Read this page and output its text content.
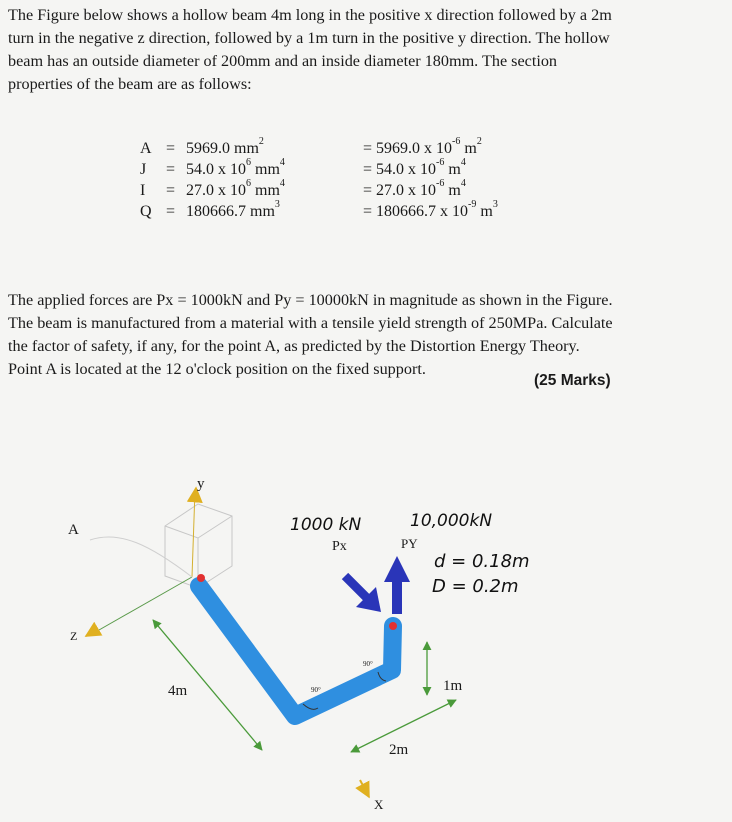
The Figure below shows a hollow beam 4m long in the positive x direction followed by a 2m
turn in the negative z direction, followed by a 1m turn in the positive y direction. The hollow
beam has an outside diameter of 200mm and an inside diameter 180mm. The section
properties of the beam are as follows:

A = 5969.0 $mm^2$	= 5969.0 x $10^{-6}$ $m^2$
J = 54.0 x $10^6$ $mm^4$	= 54.0 x $10^{-6}$ $m^4$
I = 27.0 x $10^6$ $mm^4$	= 27.0 x $10^{-6}$ $m^4$
Q = 180666.7 $mm^3$	= 180666.7 x $10^{-9}$ $m^3$

The applied forces are Px = 1000kN and Py = 10000kN in magnitude as shown in the Figure.
The beam is manufactured from a material with a tensile yield strength of 250MPa. Calculate
the factor of safety, if any, for the point A, as predicted by the Distortion Energy Theory.
Point A is located at the 12 o'clock position on the fixed support.

(25 Marks)
y
A
Z
4m
2m
1m
X
Px	PY
90°
90°
1000 kN	10,000kN
d = 0.18m
D = 0.2m
